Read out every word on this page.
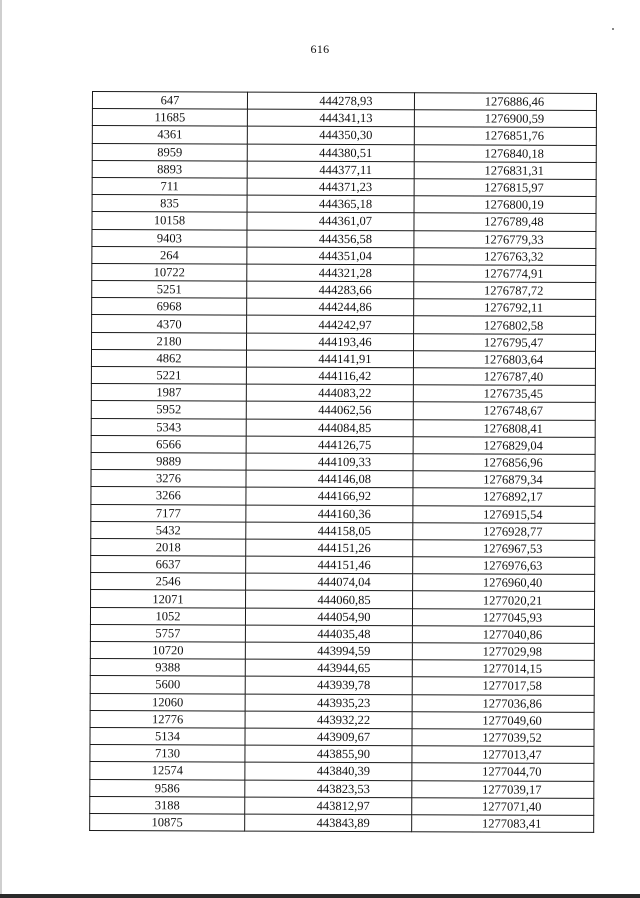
616
647	444278,93	1276886,46
11685	444341,13	1276900,59
4361	444350,30	1276851,76
8959	444380,51	1276840,18
8893	444377,11	1276831,31
711	444371,23	1276815,97
835	444365,18	1276800,19
10158	444361,07	1276789,48
9403	444356,58	1276779,33
264	444351,04	1276763,32
10722	444321,28	1276774,91
5251	444283,66	1276787,72
6968	444244,86	1276792,11
4370	444242,97	1276802,58
2180	444193,46	1276795,47
4862	444141,91	1276803,64
5221	444116,42	1276787,40
1987	444083,22	1276735,45
5952	444062,56	1276748,67
5343	444084,85	1276808,41
6566	444126,75	1276829,04
9889	444109,33	1276856,96
3276	444146,08	1276879,34
3266	444166,92	1276892,17
7177	444160,36	1276915,54
5432	444158,05	1276928,77
2018	444151,26	1276967,53
6637	444151,46	1276976,63
2546	444074,04	1276960,40
12071	444060,85	1277020,21
1052	444054,90	1277045,93
5757	444035,48	1277040,86
10720	443994,59	1277029,98
9388	443944,65	1277014,15
5600	443939,78	1277017,58
12060	443935,23	1277036,86
12776	443932,22	1277049,60
5134	443909,67	1277039,52
7130	443855,90	1277013,47
12574	443840,39	1277044,70
9586	443823,53	1277039,17
3188	443812,97	1277071,40
10875	443843,89	1277083,41
